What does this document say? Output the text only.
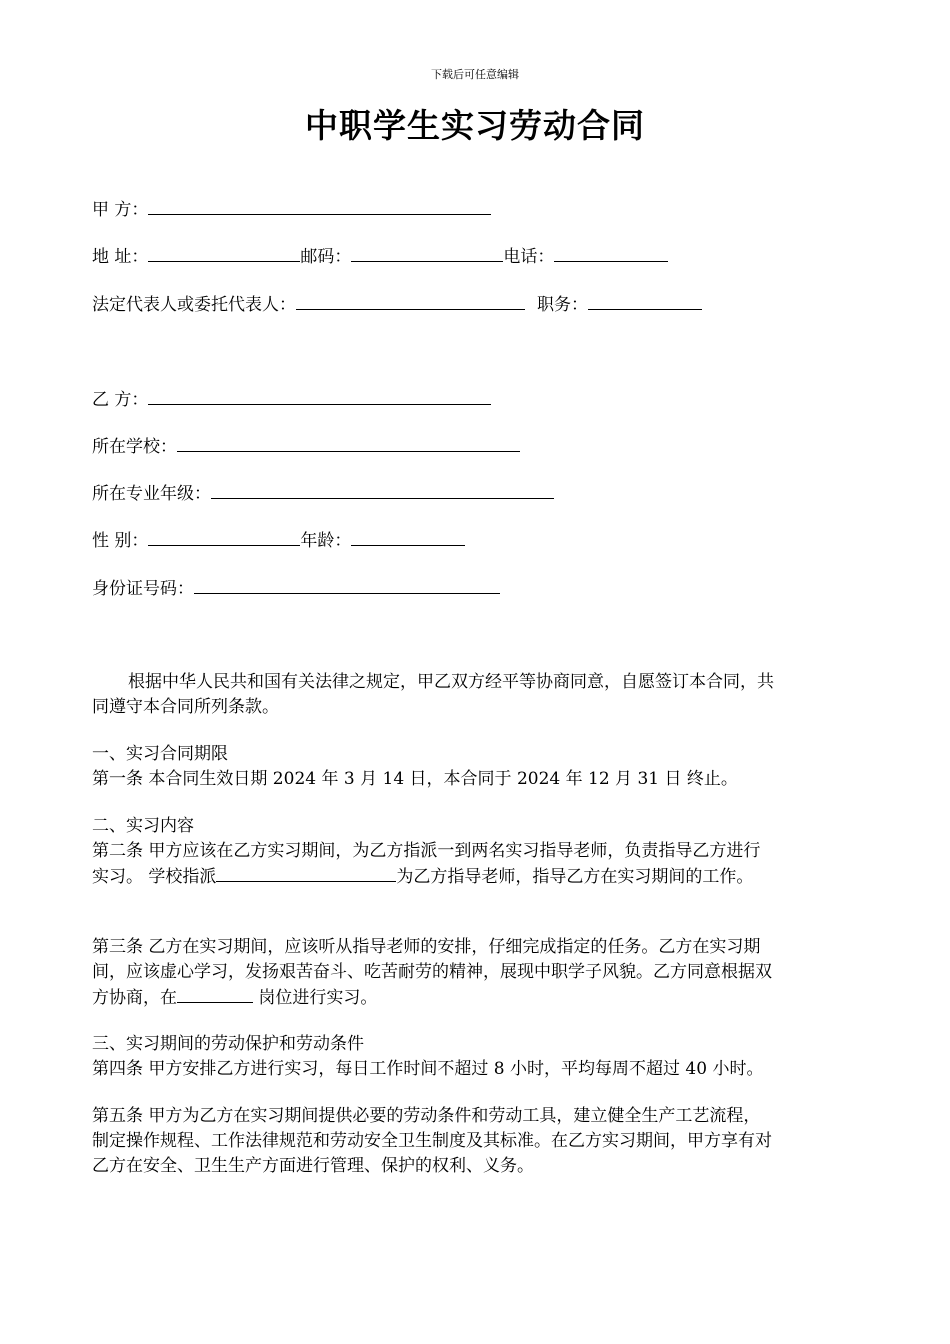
下载后可任意编辑
中职学生实习劳动合同
甲 方：
地 址：	邮码：	电话：
法定代表人或委托代表人：	职务：
乙 方：
所在学校：
所在专业年级：
性 别：	年龄：
身份证号码：
根据中华人民共和国有关法律之规定，甲乙双方经平等协商同意，自愿签订本合同，共
同遵守本合同所列条款。
一、实习合同期限
第一条 本合同生效日期 2024 年 3 月 14 日，本合同于 2024 年 12 月 31 日 终止。
二、实习内容
第二条 甲方应该在乙方实习期间，为乙方指派一到两名实习指导老师，负责指导乙方进行
实习。 学校指派	为乙方指导老师，指导乙方在实习期间的工作。
第三条 乙方在实习期间，应该听从指导老师的安排，仔细完成指定的任务。乙方在实习期
间，应该虚心学习，发扬艰苦奋斗、吃苦耐劳的精神，展现中职学子风貌。乙方同意根据双
方协商，在	岗位进行实习。
三、实习期间的劳动保护和劳动条件
第四条 甲方安排乙方进行实习，每日工作时间不超过 8 小时，平均每周不超过 40 小时。
第五条 甲方为乙方在实习期间提供必要的劳动条件和劳动工具，建立健全生产工艺流程，
制定操作规程、工作法律规范和劳动安全卫生制度及其标准。在乙方实习期间，甲方享有对
乙方在安全、卫生生产方面进行管理、保护的权利、义务。
